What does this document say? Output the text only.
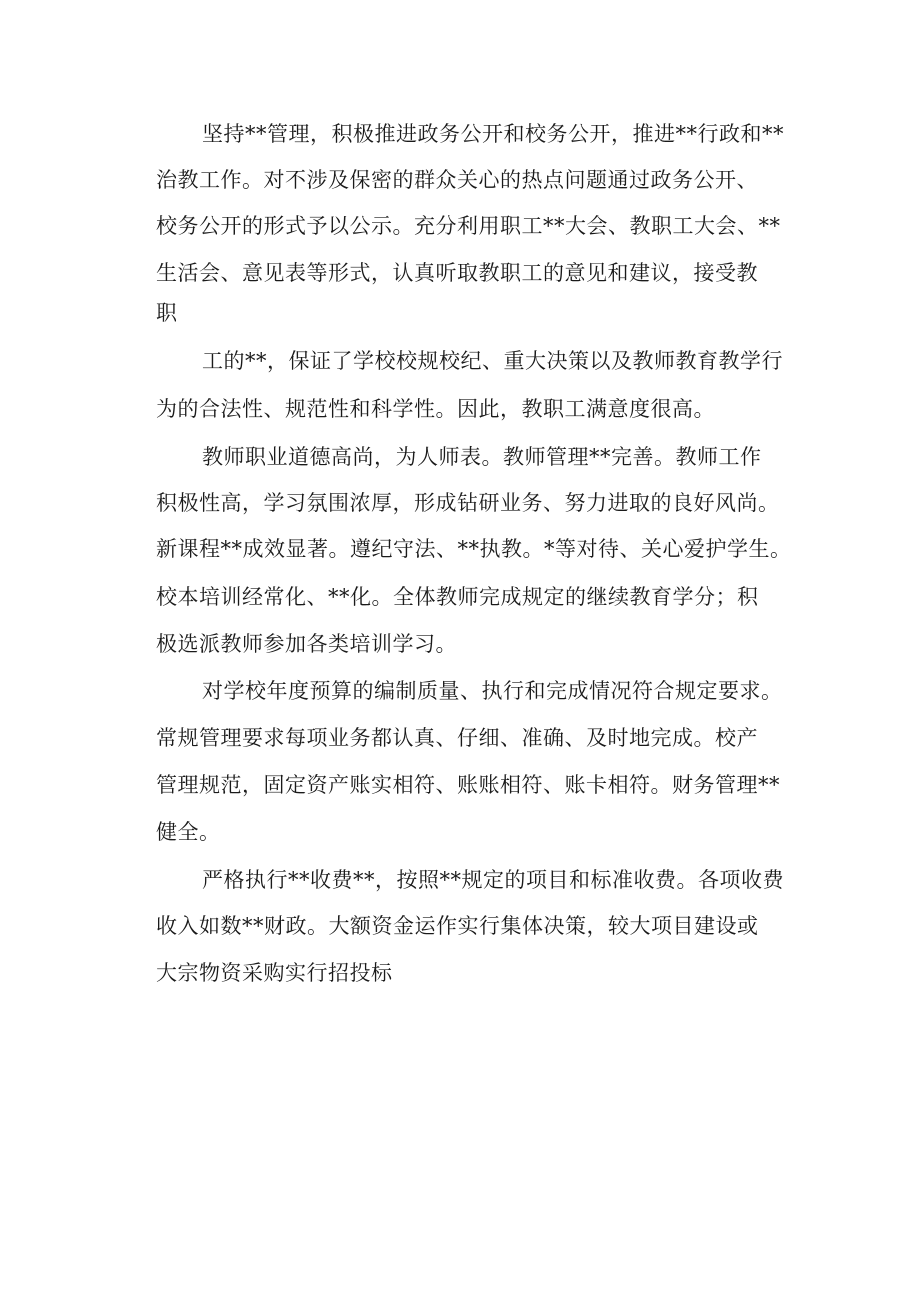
坚持**管理，积极推进政务公开和校务公开，推进**行政和**
治教工作。对不涉及保密的群众关心的热点问题通过政务公开、
校务公开的形式予以公示。充分利用职工**大会、教职工大会、**
生活会、意见表等形式，认真听取教职工的意见和建议，接受教
职
工的**，保证了学校校规校纪、重大决策以及教师教育教学行
为的合法性、规范性和科学性。因此，教职工满意度很高。
教师职业道德高尚，为人师表。教师管理**完善。教师工作
积极性高，学习氛围浓厚，形成钻研业务、努力进取的良好风尚。
新课程**成效显著。遵纪守法、**执教。*等对待、关心爱护学生。
校本培训经常化、**化。全体教师完成规定的继续教育学分；积
极选派教师参加各类培训学习。
对学校年度预算的编制质量、执行和完成情况符合规定要求。
常规管理要求每项业务都认真、仔细、准确、及时地完成。校产
管理规范，固定资产账实相符、账账相符、账卡相符。财务管理**
健全。
严格执行**收费**，按照**规定的项目和标准收费。各项收费
收入如数**财政。大额资金运作实行集体决策，较大项目建设或
大宗物资采购实行招投标
